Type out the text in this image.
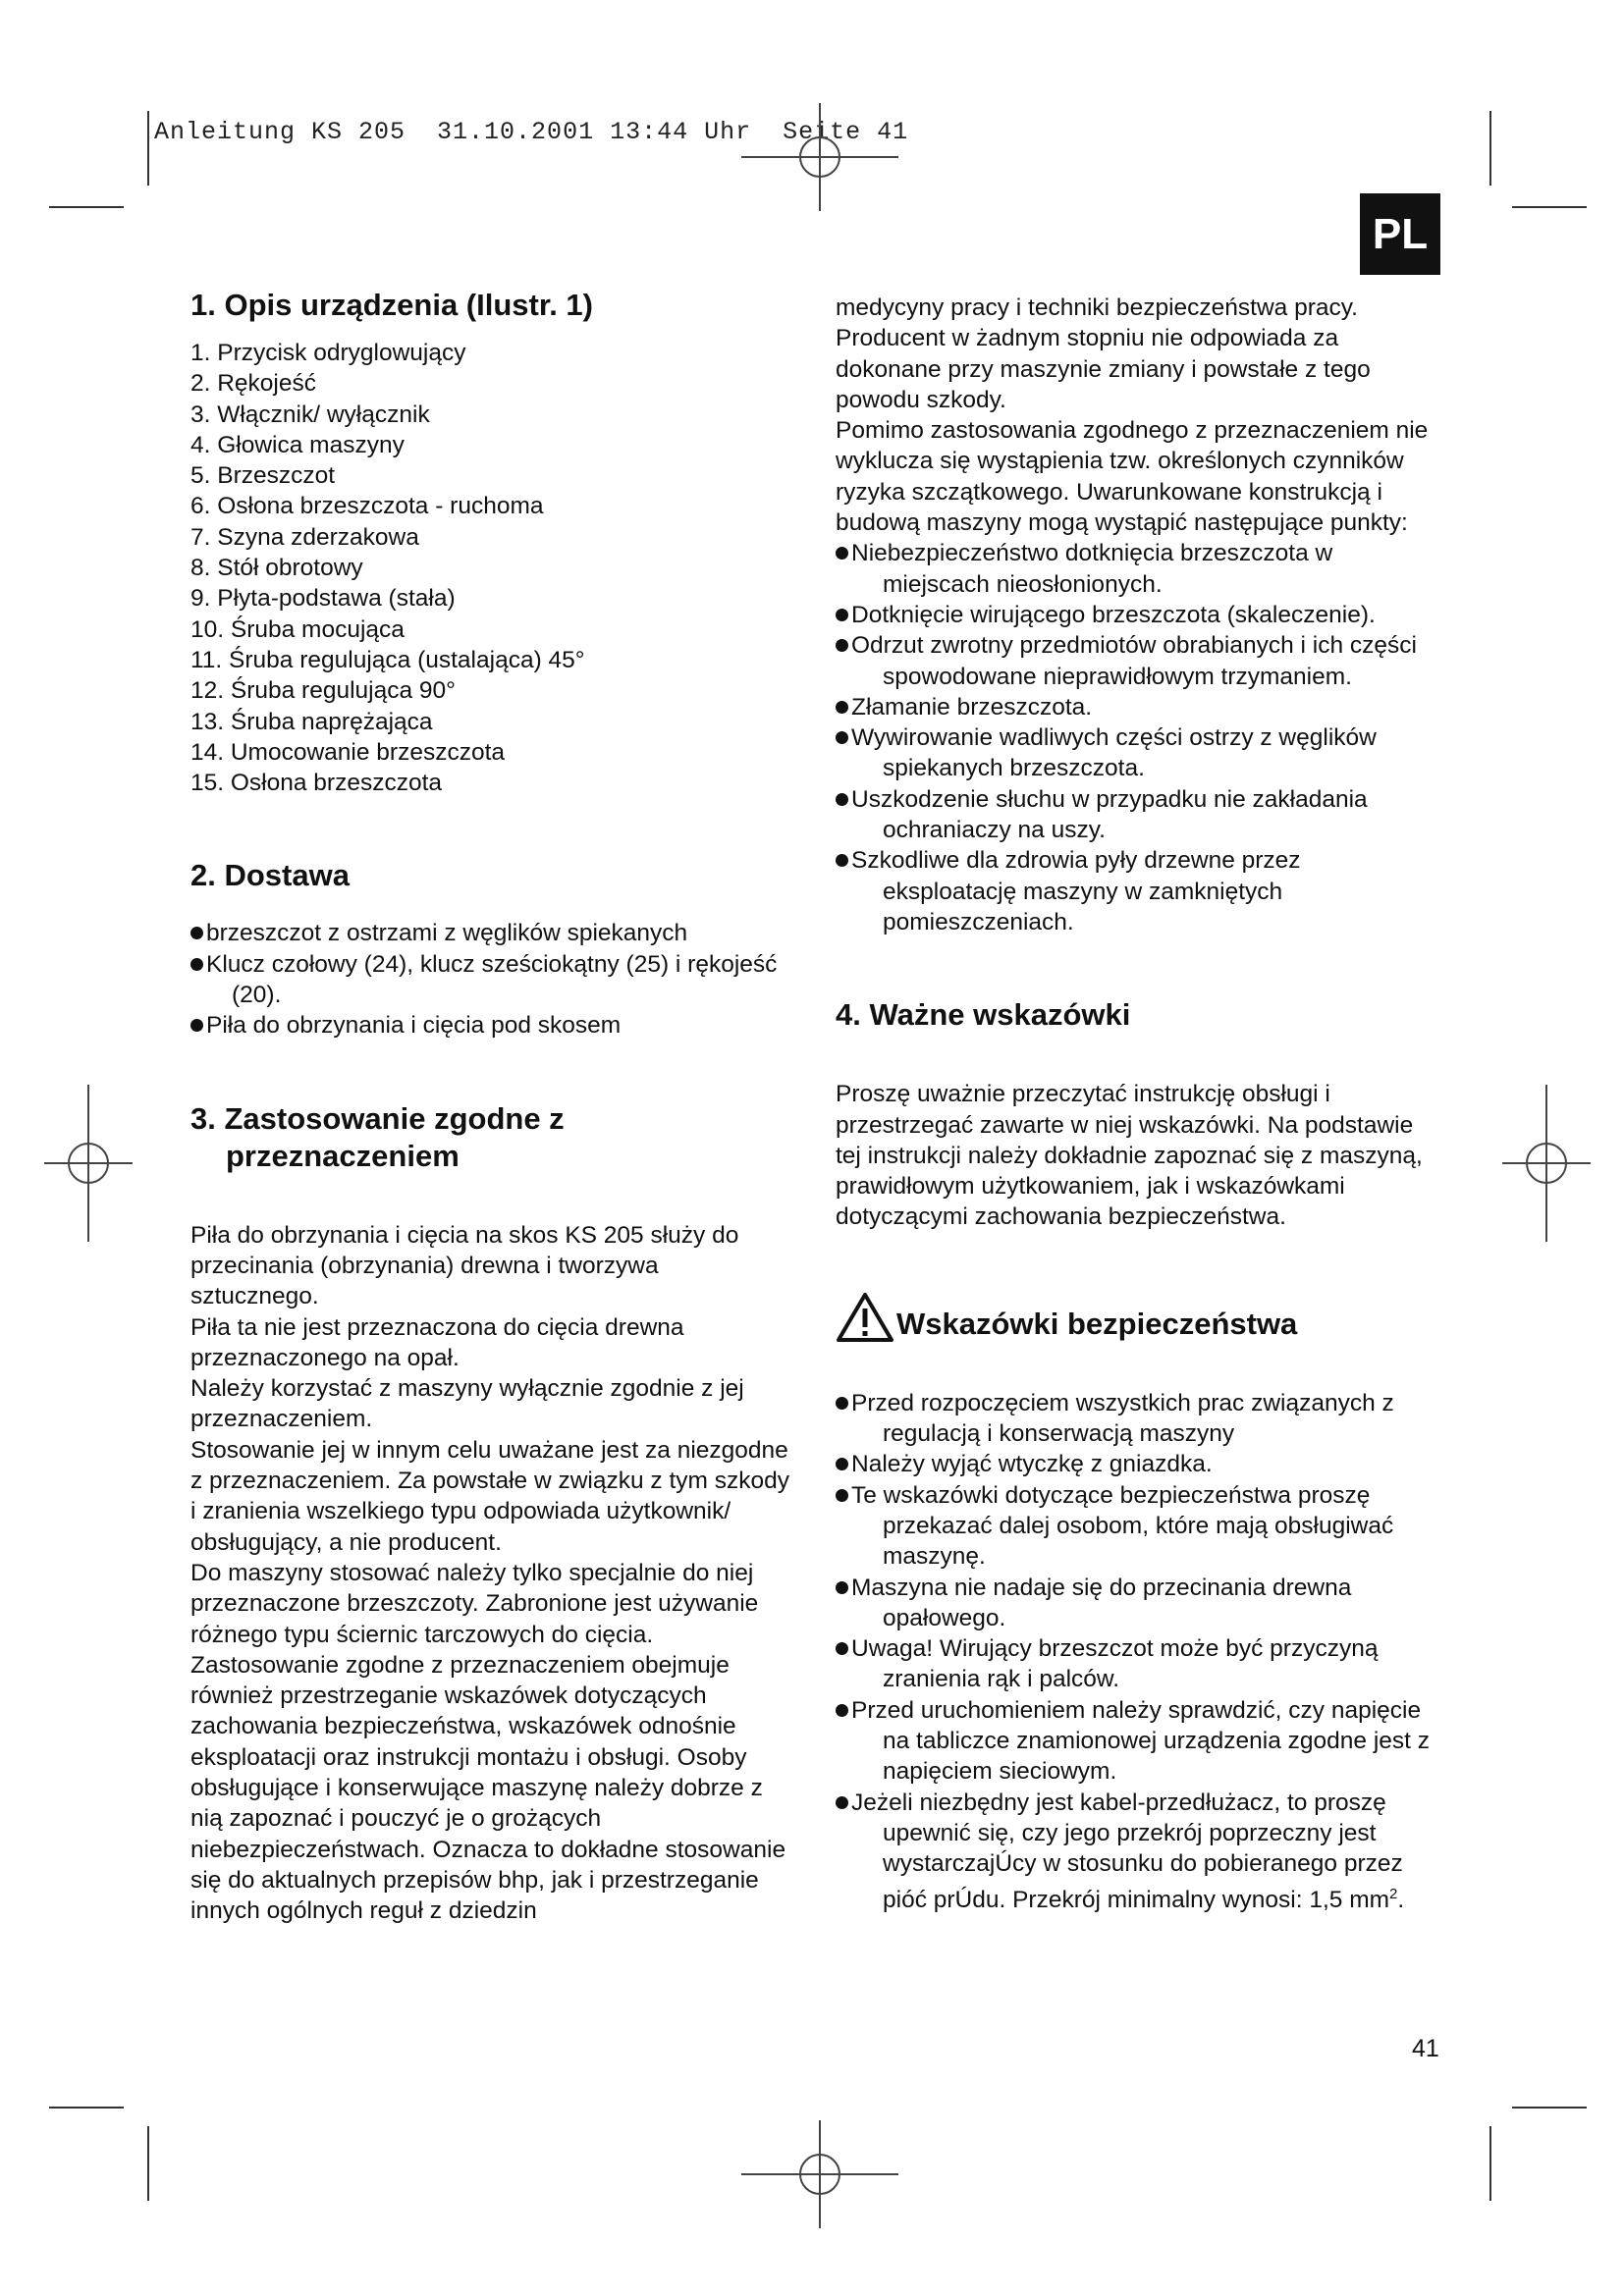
Anleitung KS 205  31.10.2001 13:44 Uhr  Seite 41
PL
1. Opis urządzenia (Ilustr. 1)
1. Przycisk odryglowujący
2. Rękojeść
3. Włącznik/ wyłącznik
4. Głowica maszyny
5. Brzeszczot
6. Osłona brzeszczota - ruchoma
7. Szyna zderzakowa
8. Stół obrotowy
9. Płyta-podstawa (stała)
10. Śruba mocująca
11. Śruba regulująca (ustalająca) 45°
12. Śruba regulująca 90°
13. Śruba naprężająca
14. Umocowanie brzeszczota
15. Osłona brzeszczota
2. Dostawa
brzeszczot z ostrzami z węglików spiekanych
Klucz czołowy (24), klucz sześciokątny (25) i rękojeść (20).
Piła do obrzynania i cięcia pod skosem
3. Zastosowanie zgodne z przeznaczeniem

Piła do obrzynania i cięcia na skos KS 205 służy do przecinania (obrzynania) drewna i tworzywa sztucznego.

Piła ta nie jest przeznaczona do cięcia drewna przeznaczonego na opał.

Należy korzystać z maszyny wyłącznie zgodnie z jej przeznaczeniem.

Stosowanie jej w innym celu uważane jest za niezgodne z przeznaczeniem. Za powstałe w związku z tym szkody i zranienia wszelkiego typu odpowiada użytkownik/ obsługujący, a nie producent.

Do maszyny stosować należy tylko specjalnie do niej przeznaczone brzeszczoty. Zabronione jest używanie różnego typu ściernic tarczowych do cięcia.

Zastosowanie zgodne z przeznaczeniem obejmuje również przestrzeganie wskazówek dotyczących zachowania bezpieczeństwa, wskazówek odnośnie eksploatacji oraz instrukcji montażu i obsługi. Osoby obsługujące i konserwujące maszynę należy dobrze z nią zapoznać i pouczyć je o grożących niebezpieczeństwach. Oznacza to dokładne stosowanie się do aktualnych przepisów bhp, jak i przestrzeganie innych ogólnych reguł z dziedzin

medycyny pracy i techniki bezpieczeństwa pracy.

Producent w żadnym stopniu nie odpowiada za dokonane przy maszynie zmiany i powstałe z tego powodu szkody.

Pomimo zastosowania zgodnego z przeznaczeniem nie wyklucza się wystąpienia tzw. określonych czynników ryzyka szczątkowego. Uwarunkowane konstrukcją i budową maszyny mogą wystąpić następujące punkty:

Niebezpieczeństwo dotknięcia brzeszczota w miejscach nieosłonionych.
Dotknięcie wirującego brzeszczota (skaleczenie).
Odrzut zwrotny przedmiotów obrabianych i ich części spowodowane nieprawidłowym trzymaniem.
Złamanie brzeszczota.
Wywirowanie wadliwych części ostrzy z węglików spiekanych brzeszczota.
Uszkodzenie słuchu w przypadku nie zakładania ochraniaczy na uszy.
Szkodliwe dla zdrowia pyły drzewne przez eksploatację maszyny w zamkniętych pomieszczeniach.
4. Ważne wskazówki

Proszę uważnie przeczytać instrukcję obsługi i przestrzegać zawarte w niej wskazówki. Na podstawie tej instrukcji należy dokładnie zapoznać się z maszyną, prawidłowym użytkowaniem, jak i wskazówkami dotyczącymi zachowania bezpieczeństwa.

Wskazówki bezpieczeństwa
Przed rozpoczęciem wszystkich prac związanych z regulacją i konserwacją maszyny
Należy wyjąć wtyczkę z gniazdka.
Te wskazówki dotyczące bezpieczeństwa proszę przekazać dalej osobom, które mają obsługiwać maszynę.
Maszyna nie nadaje się do przecinania drewna opałowego.
Uwaga! Wirujący brzeszczot może być przyczyną zranienia rąk i palców.
Przed uruchomieniem należy sprawdzić, czy napięcie na tabliczce znamionowej urządzenia zgodne jest z napięciem sieciowym.
Jeżeli niezbędny jest kabel-przedłużacz, to proszę upewnić się, czy jego przekrój poprzeczny jest wystarczajÚcy w stosunku do pobieranego przez pióć prÚdu. Przekrój minimalny wynosi: 1,5 $mm^2$.
41
